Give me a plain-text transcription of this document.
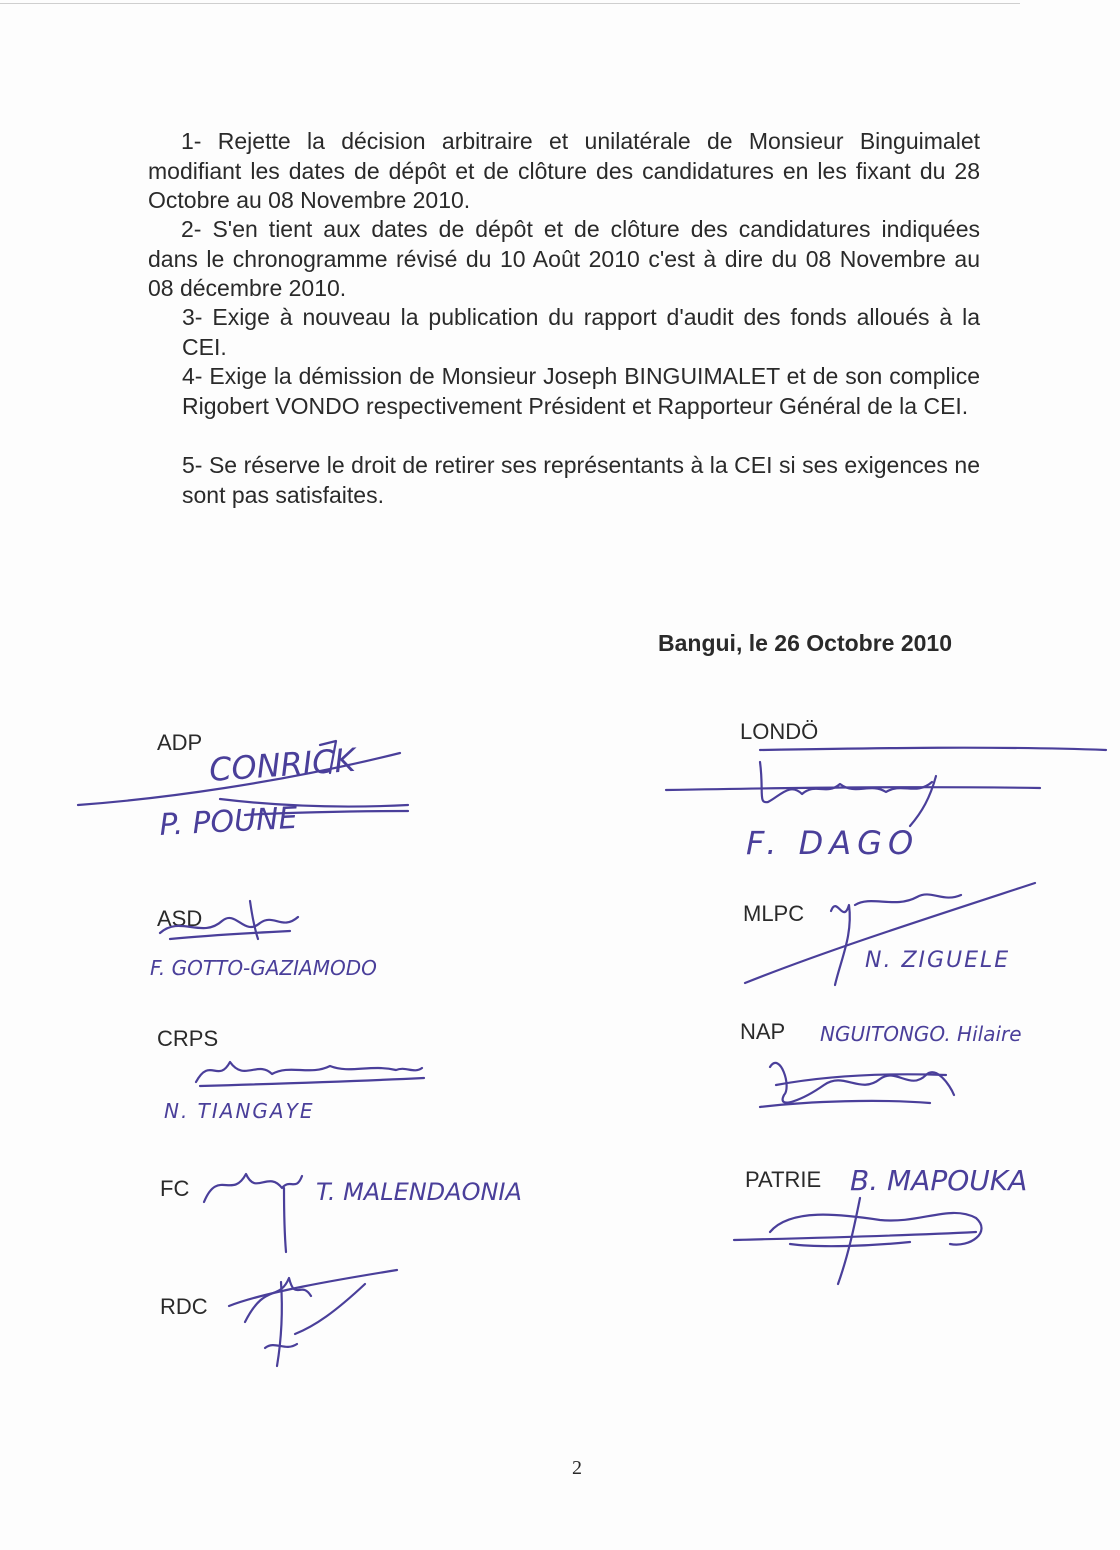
1- Rejette la décision arbitraire et unilatérale de Monsieur Binguimalet modifiant les dates de dépôt et de clôture des candidatures en les fixant du 28 Octobre au 08 Novembre 2010.
2- S'en tient aux dates de dépôt et de clôture des candidatures indiquées dans le chronogramme révisé du 10 Août 2010 c'est à dire du 08 Novembre au 08 décembre 2010.
3- Exige à nouveau la publication du rapport d'audit des fonds alloués à la CEI.
4- Exige la démission de Monsieur Joseph BINGUIMALET et de son complice Rigobert VONDO respectivement Président et Rapporteur Général de la CEI.
5- Se réserve le droit de retirer ses représentants à la CEI si ses exigences ne sont pas satisfaites.
Bangui, le 26 Octobre 2010
ADP
ASD
CRPS
FC
RDC
LONDÖ
MLPC
NAP
PATRIE
CONRICK
P. POUNE
F. GOTTO-GAZIAMODO
N. TIANGAYE
T. MALENDAONIA
F. DAGO
N. ZIGUELE
NGUITONGO. Hilaire
B. MAPOUKA
2
